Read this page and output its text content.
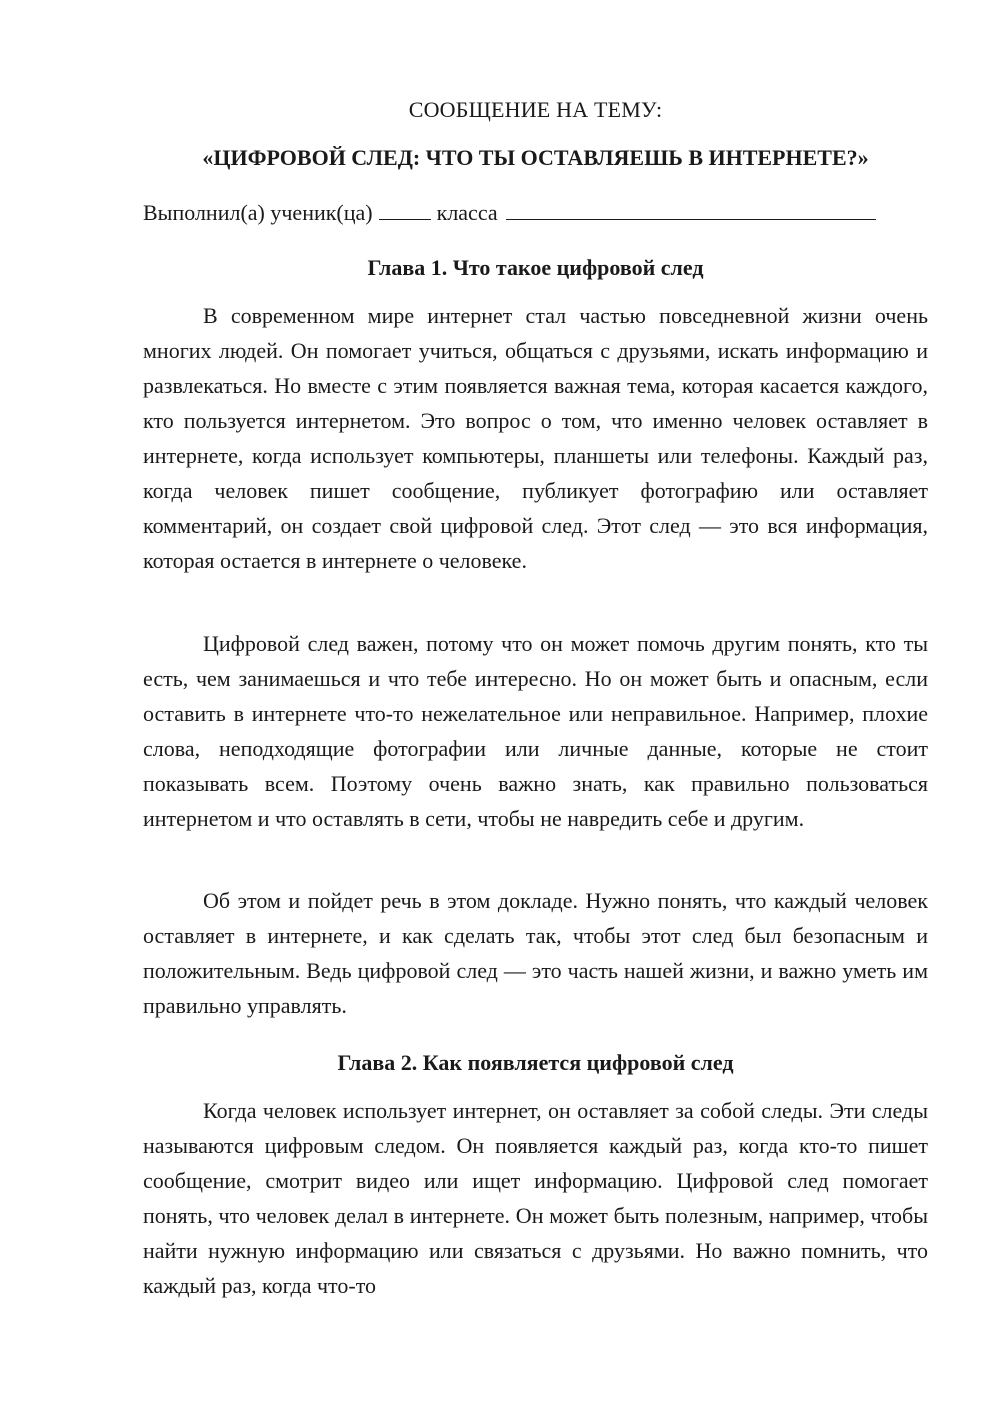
СООБЩЕНИЕ НА ТЕМУ:
«ЦИФРОВОЙ СЛЕД: ЧТО ТЫ ОСТАВЛЯЕШЬ В ИНТЕРНЕТЕ?»
Выполнил(а) ученик(ца)	класса
Глава 1. Что такое цифровой след

В современном мире интернет стал частью повседневной жизни очень многих людей. Он помогает учиться, общаться с друзьями, искать информацию и развлекаться. Но вместе с этим появляется важная тема, которая касается каждого, кто пользуется интернетом. Это вопрос о том, что именно человек оставляет в интернете, когда использует компьютеры, планшеты или телефоны. Каждый раз, когда человек пишет сообщение, публикует фотографию или оставляет комментарий, он создает свой цифровой след. Этот след — это вся информация, которая остается в интернете о человеке.

Цифровой след важен, потому что он может помочь другим понять, кто ты есть, чем занимаешься и что тебе интересно. Но он может быть и опасным, если оставить в интернете что-то нежелательное или неправильное. Например, плохие слова, неподходящие фотографии или личные данные, которые не стоит показывать всем. Поэтому очень важно знать, как правильно пользоваться интернетом и что оставлять в сети, чтобы не навредить себе и другим.

Об этом и пойдет речь в этом докладе. Нужно понять, что каждый человек оставляет в интернете, и как сделать так, чтобы этот след был безопасным и положительным. Ведь цифровой след — это часть нашей жизни, и важно уметь им правильно управлять.

Глава 2. Как появляется цифровой след

Когда человек использует интернет, он оставляет за собой следы. Эти следы называются цифровым следом. Он появляется каждый раз, когда кто-то пишет сообщение, смотрит видео или ищет информацию. Цифровой след помогает понять, что человек делал в интернете. Он может быть полезным, например, чтобы найти нужную информацию или связаться с друзьями. Но важно помнить, что каждый раз, когда что-то
